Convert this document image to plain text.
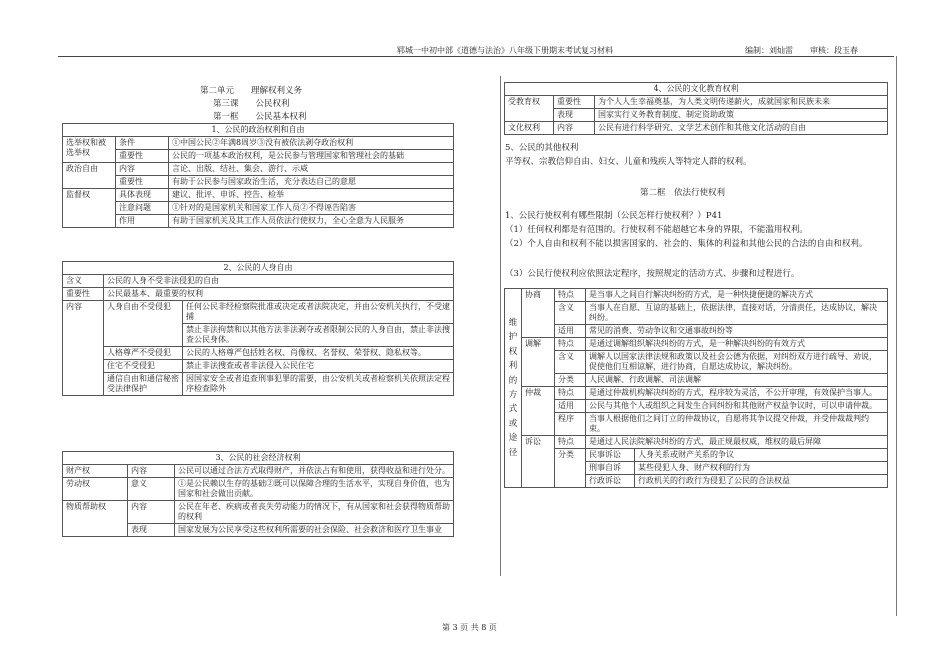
郓城一中初中部《道德与法治》八年级下册期末考试复习材料	编制：刘灿雷 审核：段玉春
第二单元　　理解权利义务
第三课　　公民权利
第一框　　公民基本权利
1、公民的政治权利和自由		
选举权和被选举权	条件	①中国公民②年满8周岁③没有被依法剥夺政治权利
	重要性	公民的一项基本政治权利，是公民参与管理国家和管理社会的基础
政治自由	内容	言论、出版、结社、集会、游行、示威
	重要性	有助于公民参与国家政治生活，充分表达自己的意愿
监督权	具体表现	建议、批评、申诉、控告、检举
	注意问题	①针对的是国家机关和国家工作人员②不得诬告陷害
	作用	有助于国家机关及其工作人员依法行使权力，全心全意为人民服务
2、公民的人身自由		
含义	公民的人身不受非法侵犯的自由	
重要性	公民最基本、最重要的权利	
内容	人身自由不受侵犯	任何公民非经检察院批准或决定或者法院决定，并由公安机关执行，不受逮捕
		禁止非法拘禁和以其他方法非法剥夺或者限制公民的人身自由，禁止非法搜查公民身体。
	人格尊严不受侵犯	公民的人格尊严包括姓名权、肖像权、名誉权、荣誉权、隐私权等。
	住宅不受侵犯	禁止非法搜查或者非法侵入公民住宅
	通信自由和通信秘密受法律保护	因国家安全或者追查刑事犯罪的需要，由公安机关或者检察机关依照法定程序检查除外
3、公民的社会经济权利		
财产权	内容	公民可以通过合法方式取得财产，并依法占有和使用，获得收益和进行处分。
劳动权	意义	①是公民赖以生存的基础②既可以保障合理的生活水平，实现自身价值，也为国家和社会做出贡献。
物质帮助权	内容	公民在年老、疾病或者丧失劳动能力的情况下，有从国家和社会获得物质帮助的权利
	表现	国家发展为公民享受这些权利所需要的社会保险、社会救济和医疗卫生事业
4、公民的文化教育权利		
受教育权	重要性	为个人人生幸福奠基，为人类文明传递薪火，成就国家和民族未来
	表现	国家实行义务教育制度、制定资助政策
文化权利	内容	公民有进行科学研究、文学艺术创作和其他文化活动的自由
5、公民的其他权利
平等权、宗教信仰自由、妇女、儿童和残疾人等特定人群的权利。
第二框　依法行使权利
1、公民行使权利有哪些限制（公民怎样行使权利？）P41
（1）任何权利都是有范围的。行使权利不能超越它本身的界限，不能滥用权利。
（2）个人自由和权利不能以损害国家的、社会的、集体的利益和其他公民的合法的自由和权利。
（3）公民行使权利应依照法定程序，按照规定的活动方式、步骤和过程进行。
维护权利的方式或途径	协商	特点	是当事人之间自行解决纠纷的方式，是一种快捷便捷的解决方式	
		含义	当事人在自愿、互谅的基础上，依据法律，直接对话，分清责任，达成协议，解决纠纷。	
		适用	常见的消费、劳动争议和交通事故纠纷等	
	调解	特点	是通过调解组织解决纠纷的方式，是一种解决纠纷的有效方式	
		含义	调解人以国家法律法规和政策以及社会公德为依据，对纠纷双方进行疏导、劝说，促使他们互相谅解，进行协商，自愿达成协议，解决纠纷。	
		分类	人民调解、行政调解、司法调解	
	仲裁	特点	是通过仲裁机构解决纠纷的方式，程序较为灵活，不公开审理，有效保护当事人。	
		适用	公民与其他个人或组织之间发生合同纠纷和其他财产权益争议时，可以申请仲裁。	
		程序	当事人根据他们之间订立的仲裁协议，自愿将其争议提交仲裁，并受仲裁裁判约束。	
	诉讼	特点	是通过人民法院解决纠纷的方式，最正规最权威，维权的最后屏障	
		分类	民事诉讼	人身关系或财产关系的争议
			刑事自诉	某些侵犯人身、财产权利的行为
			行政诉讼	行政机关的行政行为侵犯了公民的合法权益
第 3 页 共 8 页
